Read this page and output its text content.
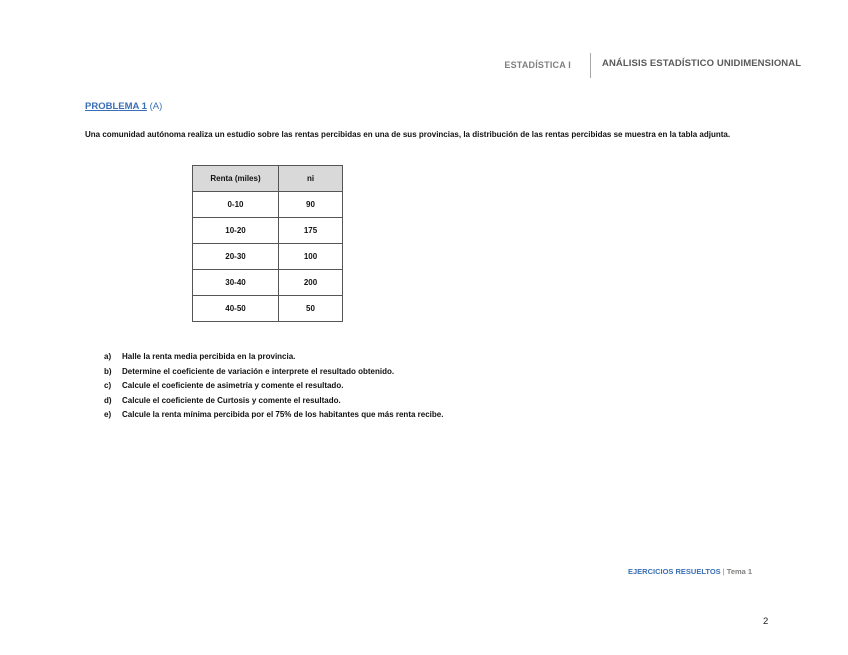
ESTADÍSTICA I	ANÁLISIS ESTADÍSTICO UNIDIMENSIONAL
PROBLEMA 1 (A)
Una comunidad autónoma realiza un estudio sobre las rentas percibidas en una de sus provincias, la distribución de las rentas percibidas se muestra en la tabla adjunta.
Renta (miles)	ni
0-10	90
10-20	175
20-30	100
30-40	200
40-50	50
a) Halle la renta media percibida en la provincia.
b) Determine el coeficiente de variación e interprete el resultado obtenido.
c) Calcule el coeficiente de asimetría y comente el resultado.
d) Calcule el coeficiente de Curtosis y comente el resultado.
e) Calcule la renta mínima percibida por el 75% de los habitantes que más renta recibe.
EJERCICIOS RESUELTOS | Tema 1
2
